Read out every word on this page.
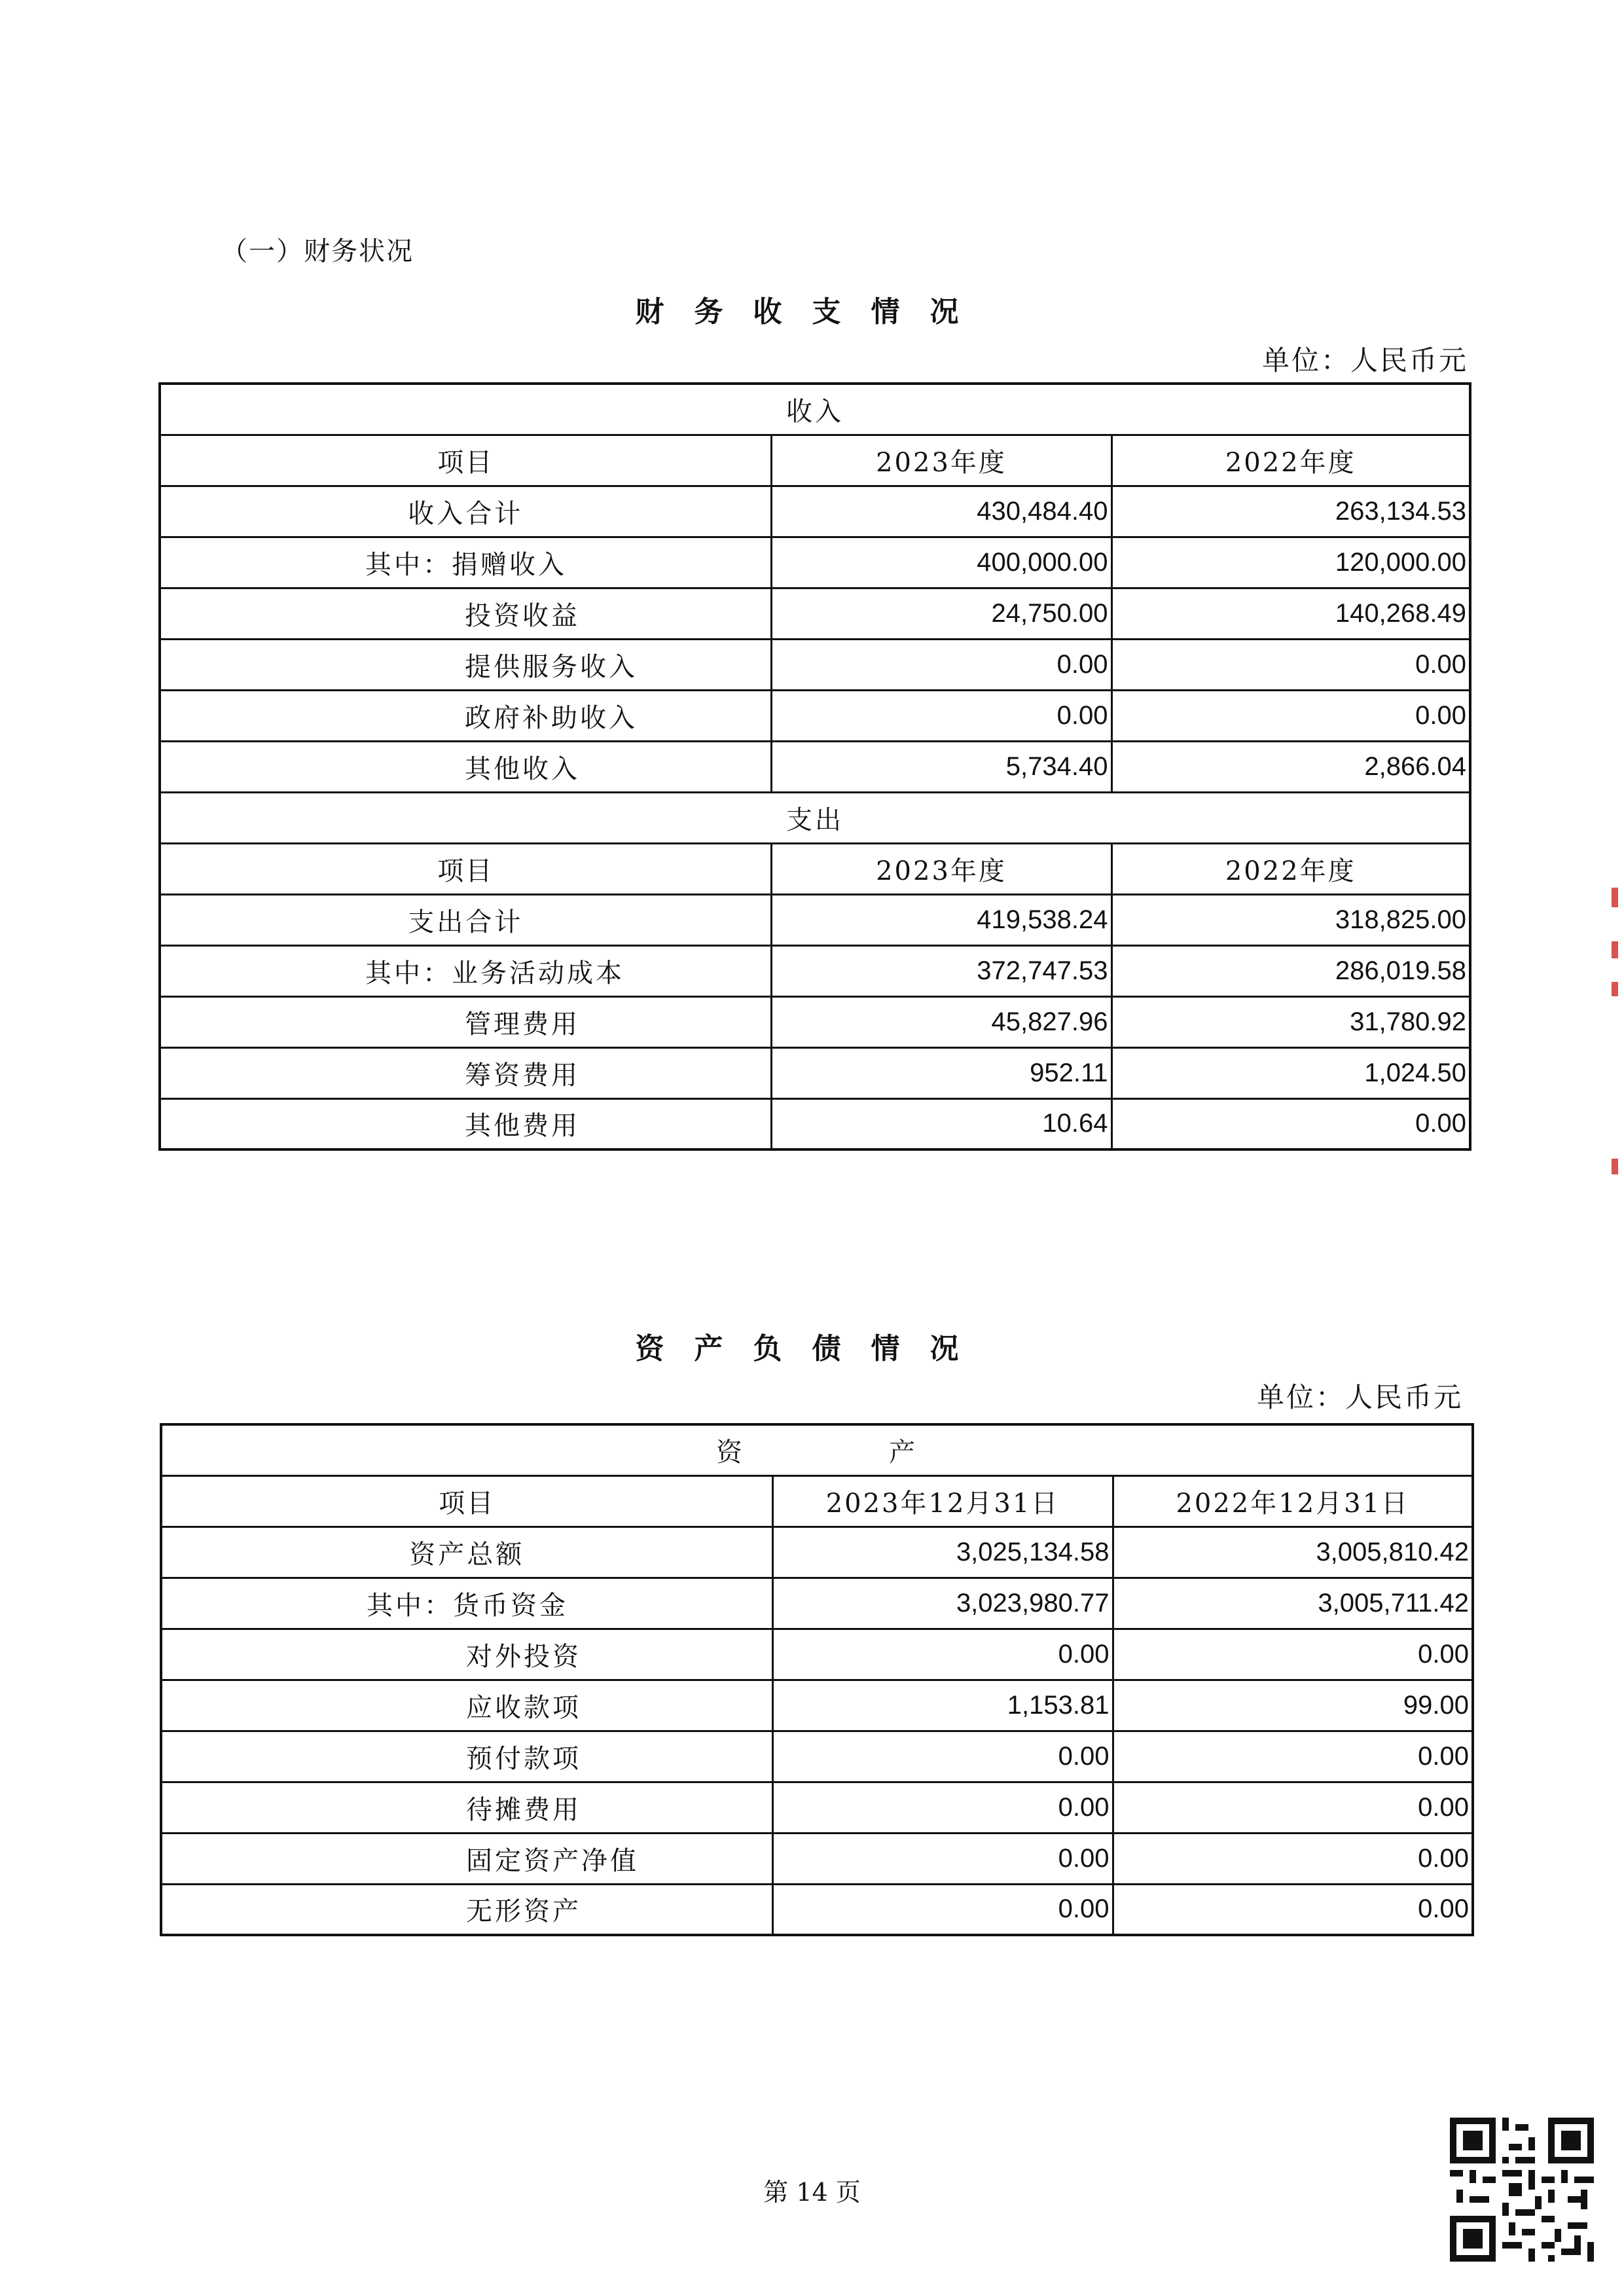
（一）财务状况
财务收支情况
单位：人民币元
收入		
项目	2023年度	2022年度
收入合计	430,484.40	263,134.53
其中：捐赠收入	400,000.00	120,000.00
投资收益	24,750.00	140,268.49
提供服务收入	0.00	0.00
政府补助收入	0.00	0.00
其他收入	5,734.40	2,866.04
支出		
项目	2023年度	2022年度
支出合计	419,538.24	318,825.00
其中：业务活动成本	372,747.53	286,019.58
管理费用	45,827.96	31,780.92
筹资费用	952.11	1,024.50
其他费用	10.64	0.00
资产负债情况
单位：人民币元
资　　　　　产		
项目	2023年12月31日	2022年12月31日
资产总额	3,025,134.58	3,005,810.42
其中：货币资金	3,023,980.77	3,005,711.42
对外投资	0.00	0.00
应收款项	1,153.81	99.00
预付款项	0.00	0.00
待摊费用	0.00	0.00
固定资产净值	0.00	0.00
无形资产	0.00	0.00
第 14 页
